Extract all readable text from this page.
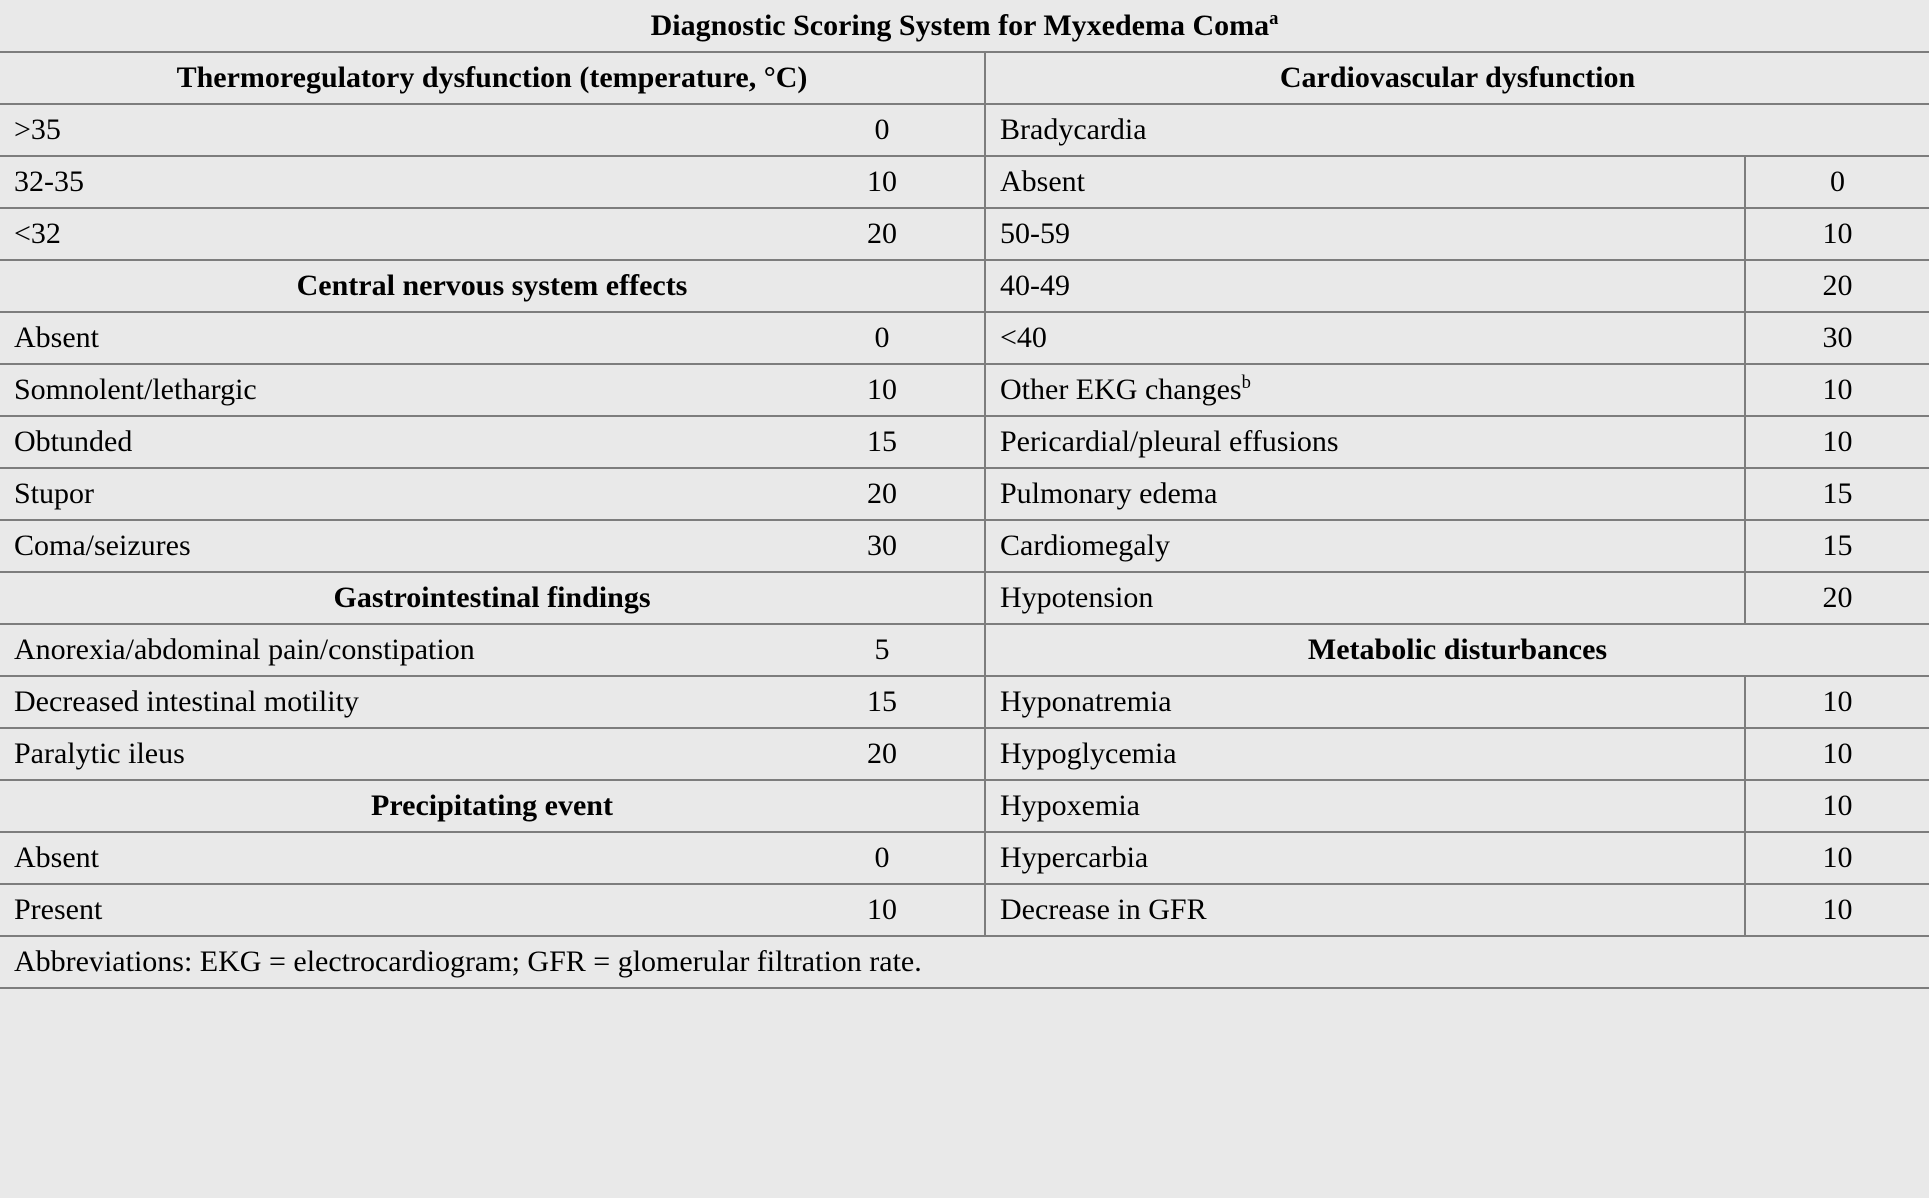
Diagnostic Scoring System for Myxedema Coma$^a$
Thermoregulatory dysfunction (temperature, °C)		Cardiovascular dysfunction	
>35	0	Bradycardia	
32-35	10	Absent	0
<32	20	50-59	10
Central nervous system effects		40-49	20
Absent	0	<40	30
Somnolent/lethargic	10	Other EKG changes$^b$	10
Obtunded	15	Pericardial/pleural effusions	10
Stupor	20	Pulmonary edema	15
Coma/seizures	30	Cardiomegaly	15
Gastrointestinal findings		Hypotension	20
Anorexia/abdominal pain/constipation	5	Metabolic disturbances	
Decreased intestinal motility	15	Hyponatremia	10
Paralytic ileus	20	Hypoglycemia	10
Precipitating event		Hypoxemia	10
Absent	0	Hypercarbia	10
Present	10	Decrease in GFR	10
Abbreviations: EKG = electrocardiogram; GFR = glomerular filtration rate.			
